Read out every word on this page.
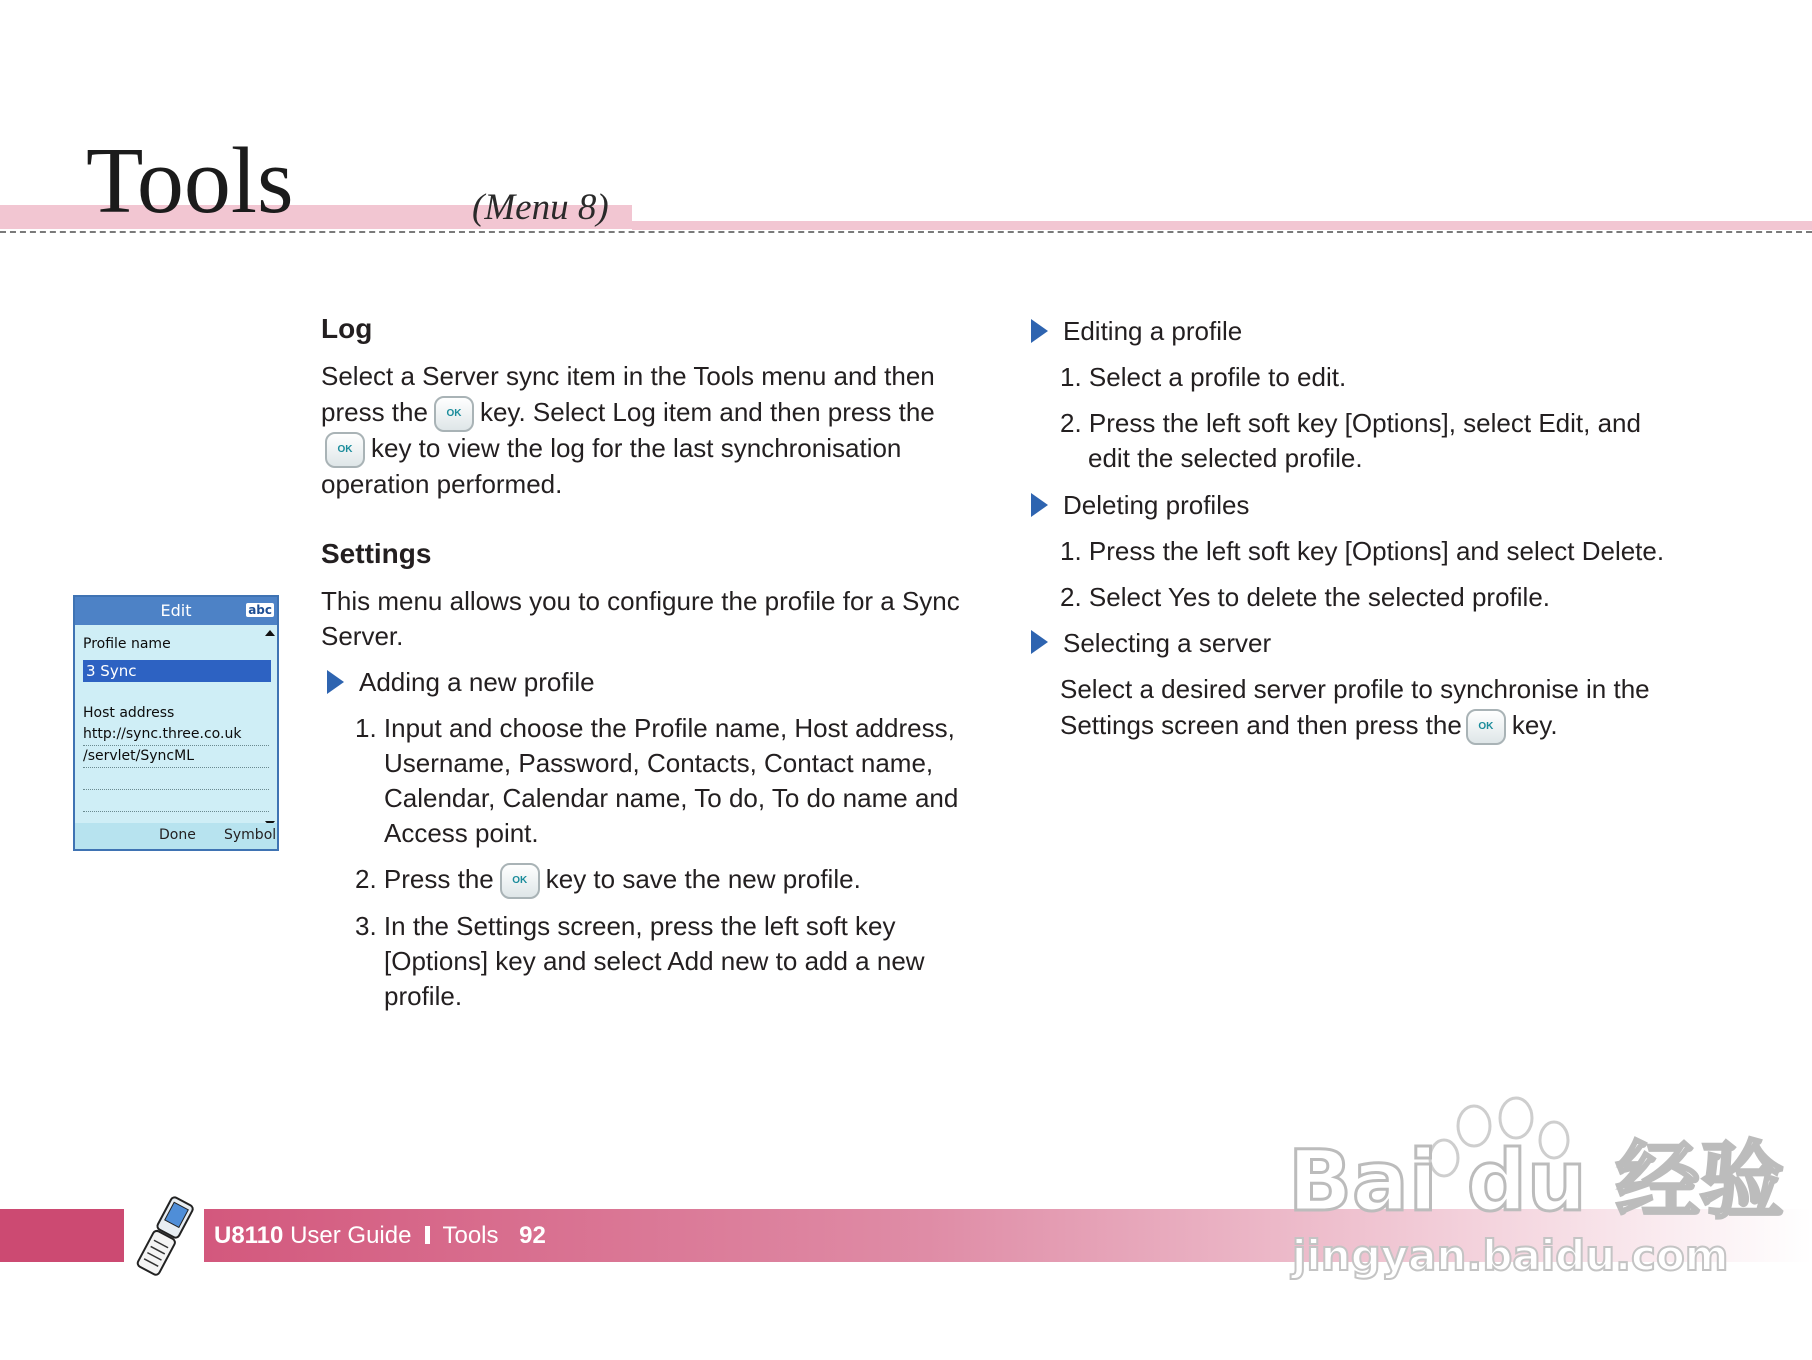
Tools	(Menu 8)
Edit	abc
Profile name
3 Sync
Host address
http://sync.three.co.uk
/servlet/SyncML
Done Symbol
Log
Select a Server sync item in the Tools menu and then
press the OK key. Select Log item and then press the
OK key to view the log for the last synchronisation
operation performed.
Settings
This menu allows you to configure the profile for a Sync
Server.
Adding a new profile
1. Input and choose the Profile name, Host address,
Username, Password, Contacts, Contact name,
Calendar, Calendar name, To do, To do name and
Access point.
2. Press the OK key to save the new profile.
3. In the Settings screen, press the left soft key
[Options] key and select Add new to add a new
profile.
Editing a profile
1. Select a profile to edit.
2. Press the left soft key [Options], select Edit, and
edit the selected profile.
Deleting profiles
1. Press the left soft key [Options] and select Delete.
2. Select Yes to delete the selected profile.
Selecting a server
Select a desired server profile to synchronise in the
Settings screen and then press the OK key.
U8110 User Guide Tools 92
Bai du 经验
jingyan.baidu.com
